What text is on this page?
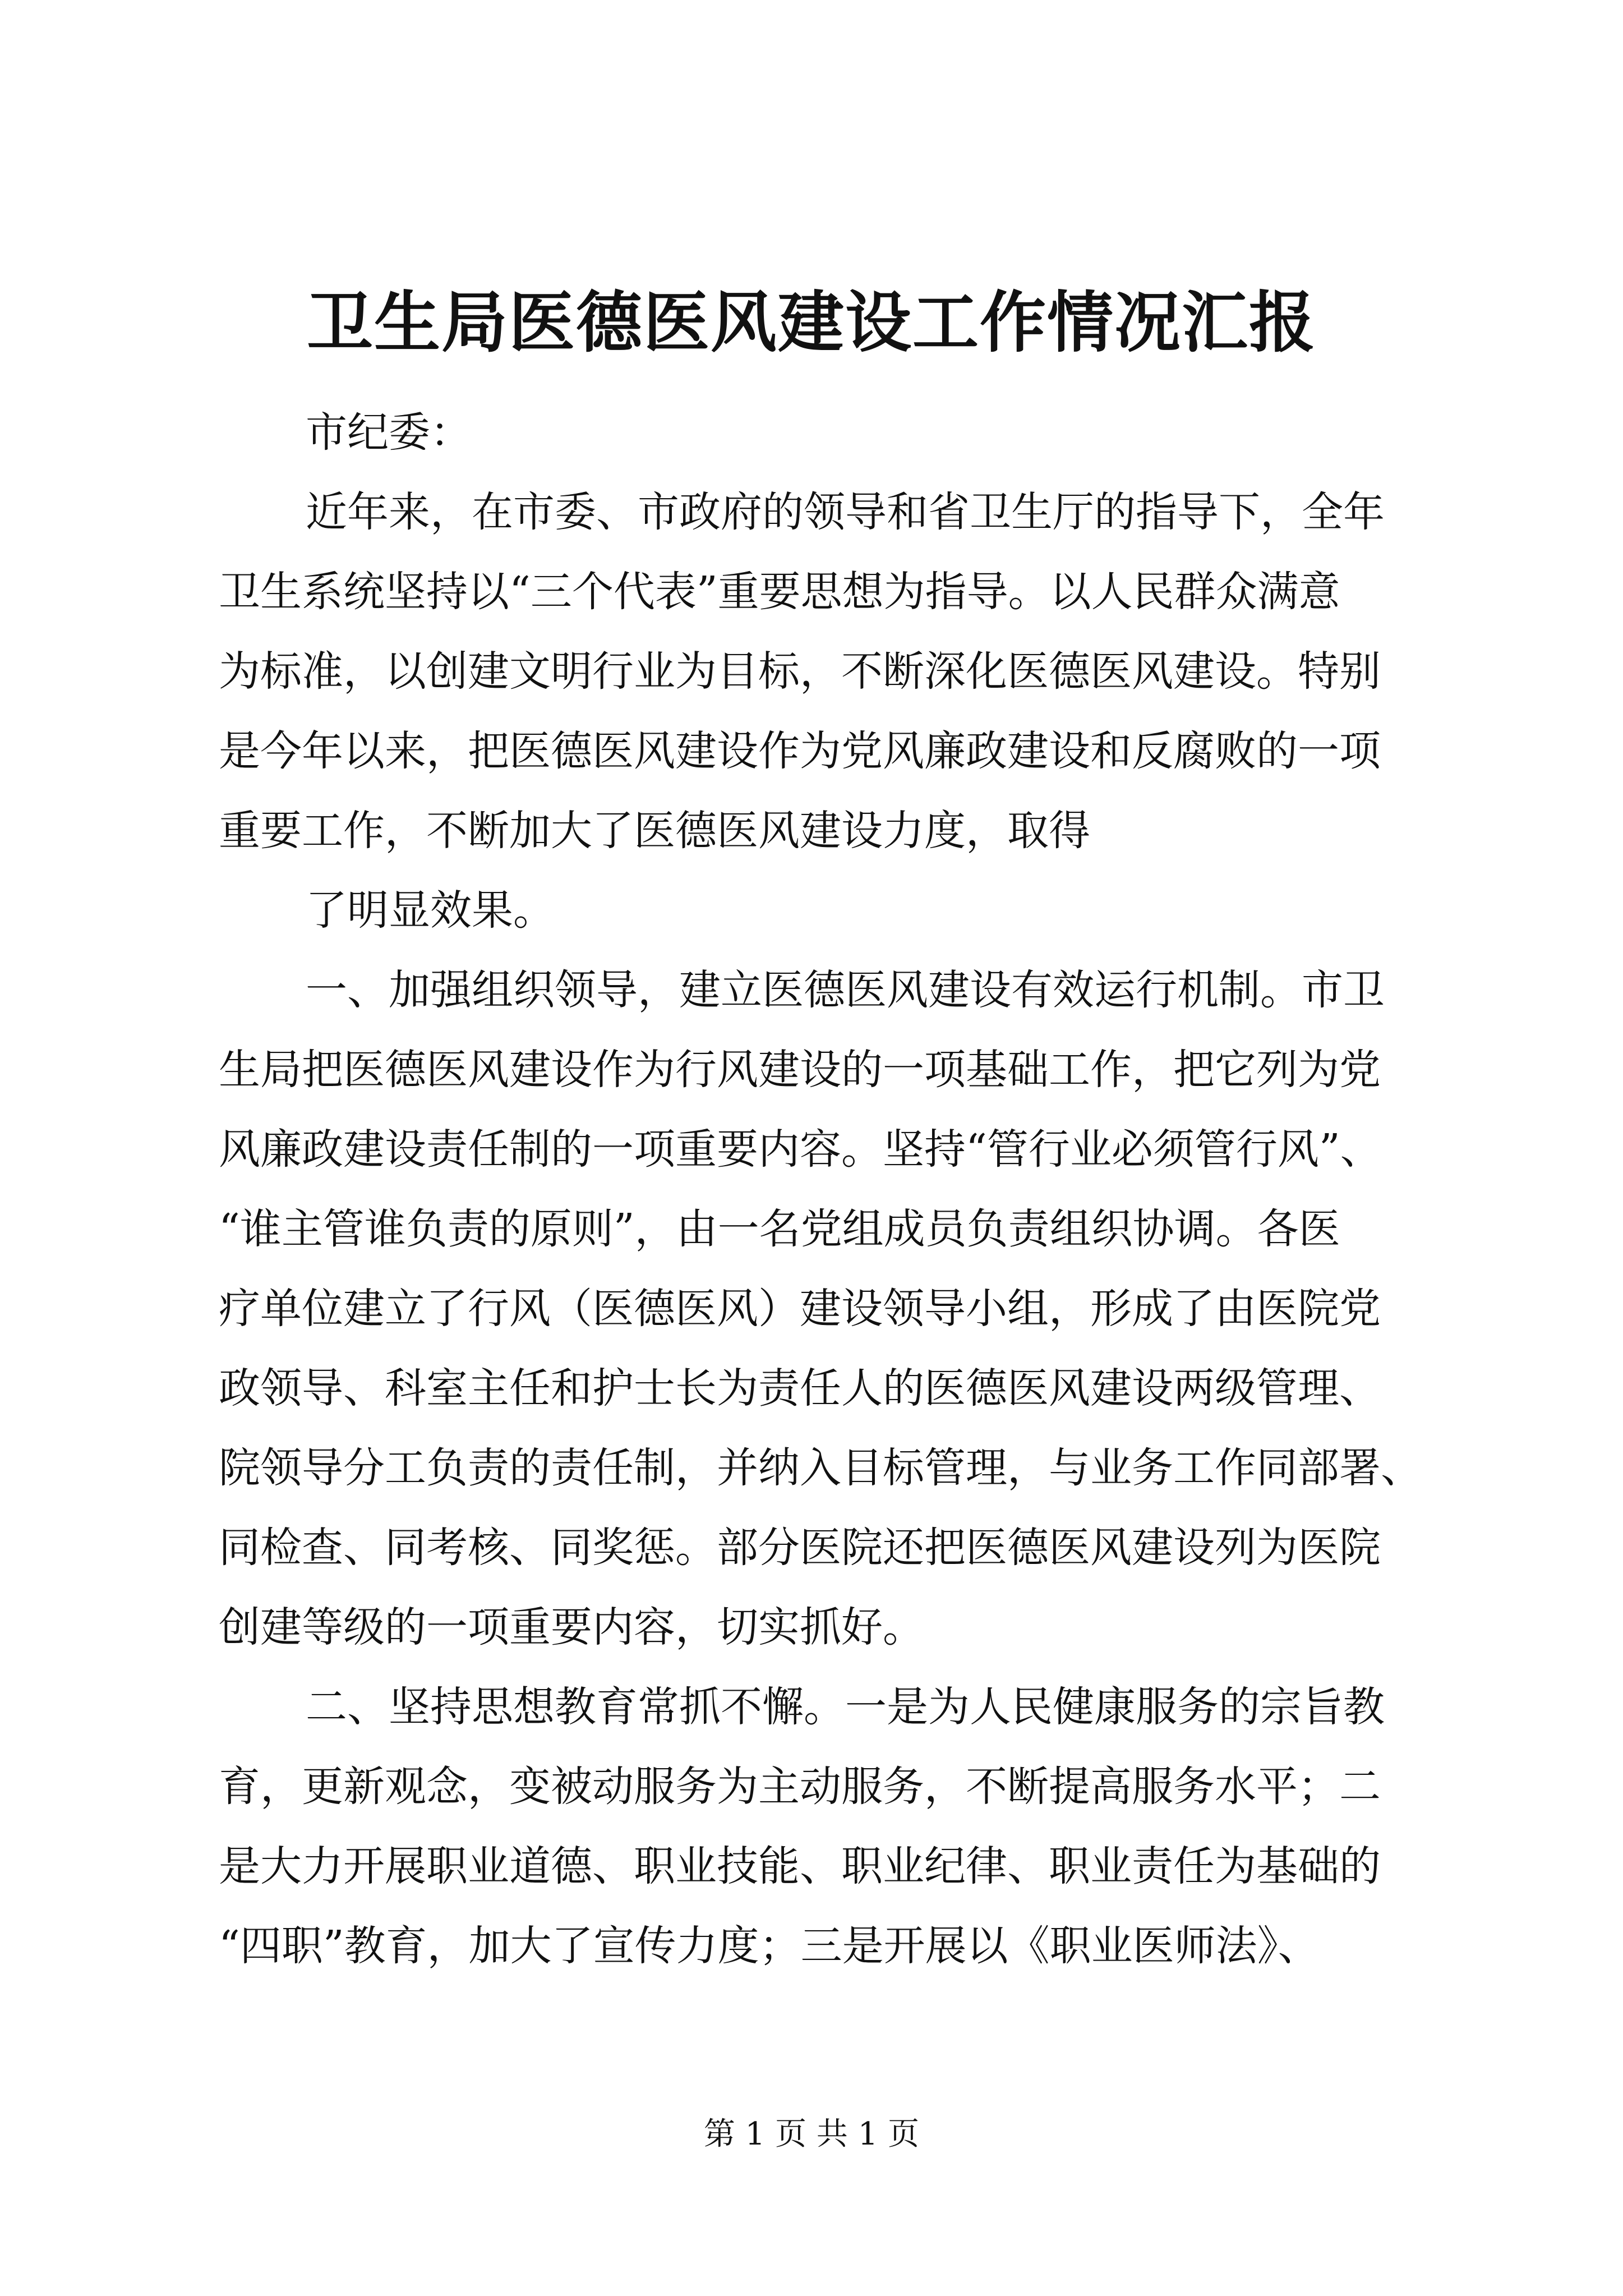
卫生局医德医风建设工作情况汇报

市纪委：

近年来，在市委、市政府的领导和省卫生厅的指导下，全年
卫生系统坚持以“三个代表”重要思想为指导。以人民群众满意
为标准，以创建文明行业为目标，不断深化医德医风建设。特别
是今年以来，把医德医风建设作为党风廉政建设和反腐败的一项
重要工作，不断加大了医德医风建设力度，取得
了明显效果。
一、加强组织领导，建立医德医风建设有效运行机制。市卫
生局把医德医风建设作为行风建设的一项基础工作，把它列为党
风廉政建设责任制的一项重要内容。坚持“管行业必须管行风”、
“谁主管谁负责的原则”，由一名党组成员负责组织协调。各医
疗单位建立了行风（医德医风）建设领导小组，形成了由医院党
政领导、科室主任和护士长为责任人的医德医风建设两级管理、
院领导分工负责的责任制，并纳入目标管理，与业务工作同部署、
同检查、同考核、同奖惩。部分医院还把医德医风建设列为医院
创建等级的一项重要内容，切实抓好。
二、坚持思想教育常抓不懈。一是为人民健康服务的宗旨教
育，更新观念，变被动服务为主动服务，不断提高服务水平；二
是大力开展职业道德、职业技能、职业纪律、职业责任为基础的
“四职”教育，加大了宣传力度；三是开展以《职业医师法》、

第 1 页 共 1 页
